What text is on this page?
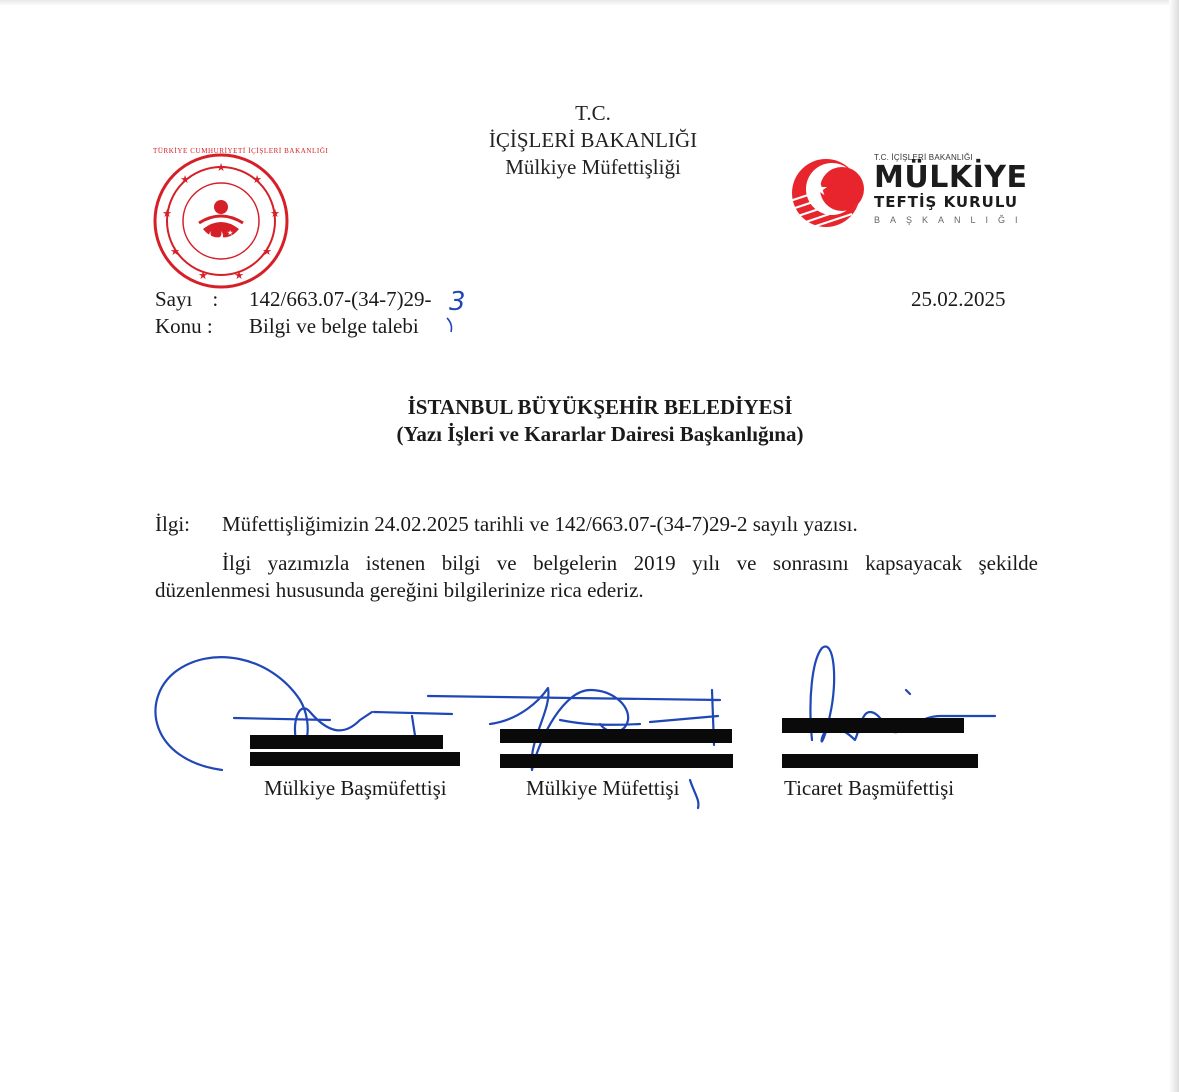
★
★
★
★
★
★
★
★
★
TÜRKİYE CUMHURİYETİ İÇİŞLERİ BAKANLIĞI
★
T.C.
İÇİŞLERİ BAKANLIĞI
Mülkiye Müfettişliği
★
T.C. İÇİŞLERİ BAKANLIĞI
MÜLKİYE
TEFTİŞ KURULU
BAŞKANLIĞI
Sayı : 142/663.07-(34-7)29- 3
Konu : Bilgi ve belge talebi
25.02.2025
İSTANBUL BÜYÜKŞEHİR BELEDİYESİ
(Yazı İşleri ve Kararlar Dairesi Başkanlığına)
İlgi: Müfettişliğimizin 24.02.2025 tarihli ve 142/663.07-(34-7)29-2 sayılı yazısı.
İlgi yazımızla istenen bilgi ve belgelerin 2019 yılı ve sonrasını kapsayacak şekilde
düzenlenmesi hususunda gereğini bilgilerinize rica ederiz.
Mülkiye Başmüfettişi	Mülkiye Müfettişi	Ticaret Başmüfettişi
